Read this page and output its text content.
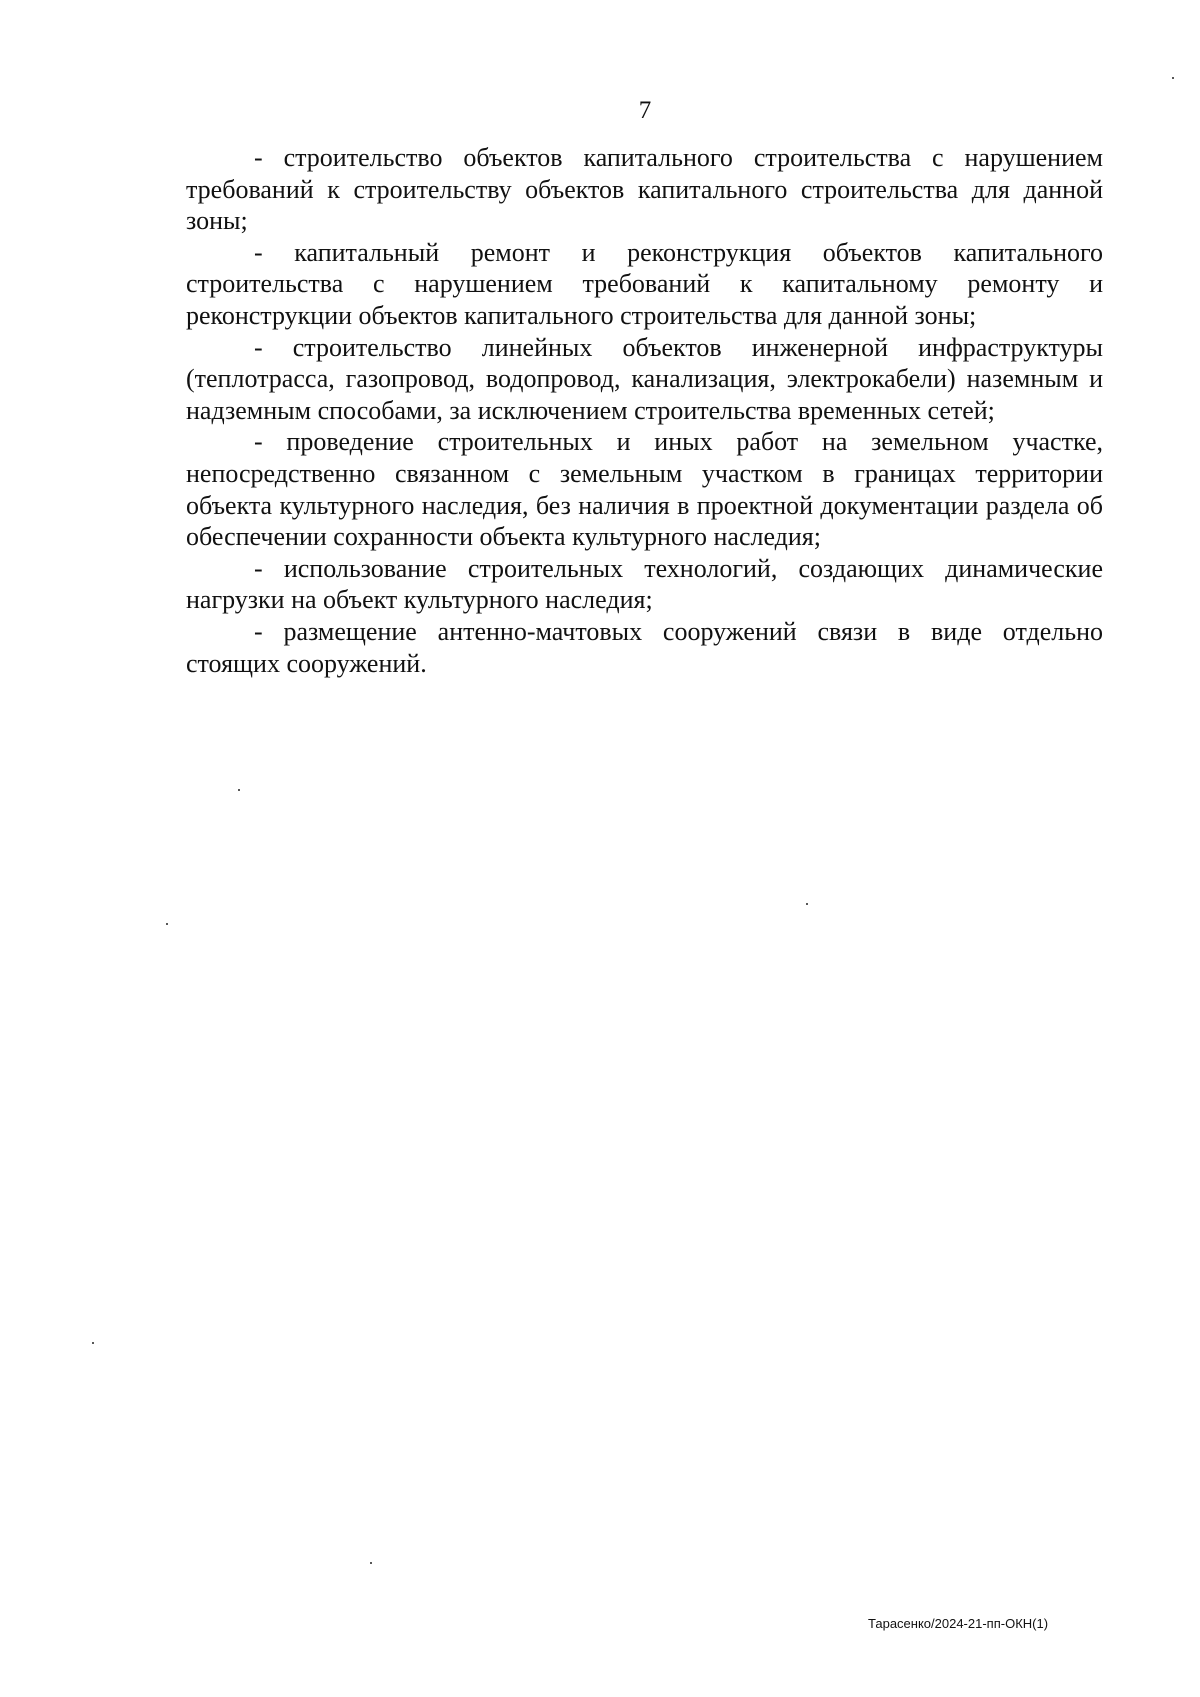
7

- строительство объектов капитального строительства с нарушением требований к строительству объектов капитального строительства для данной зоны;

- капитальный ремонт и реконструкция объектов капитального строительства с нарушением требований к капитальному ремонту и реконструкции объектов капитального строительства для данной зоны;

- строительство линейных объектов инженерной инфраструктуры (теплотрасса, газопровод, водопровод, канализация, электрокабели) наземным и надземным способами, за исключением строительства временных сетей;

- проведение строительных и иных работ на земельном участке, непосредственно связанном с земельным участком в границах территории объекта культурного наследия, без наличия в проектной документации раздела об обеспечении сохранности объекта культурного наследия;

- использование строительных технологий, создающих динамические нагрузки на объект культурного наследия;

- размещение антенно-мачтовых сооружений связи в виде отдельно стоящих сооружений.

Тарасенко/2024-21-пп-ОКН(1)
